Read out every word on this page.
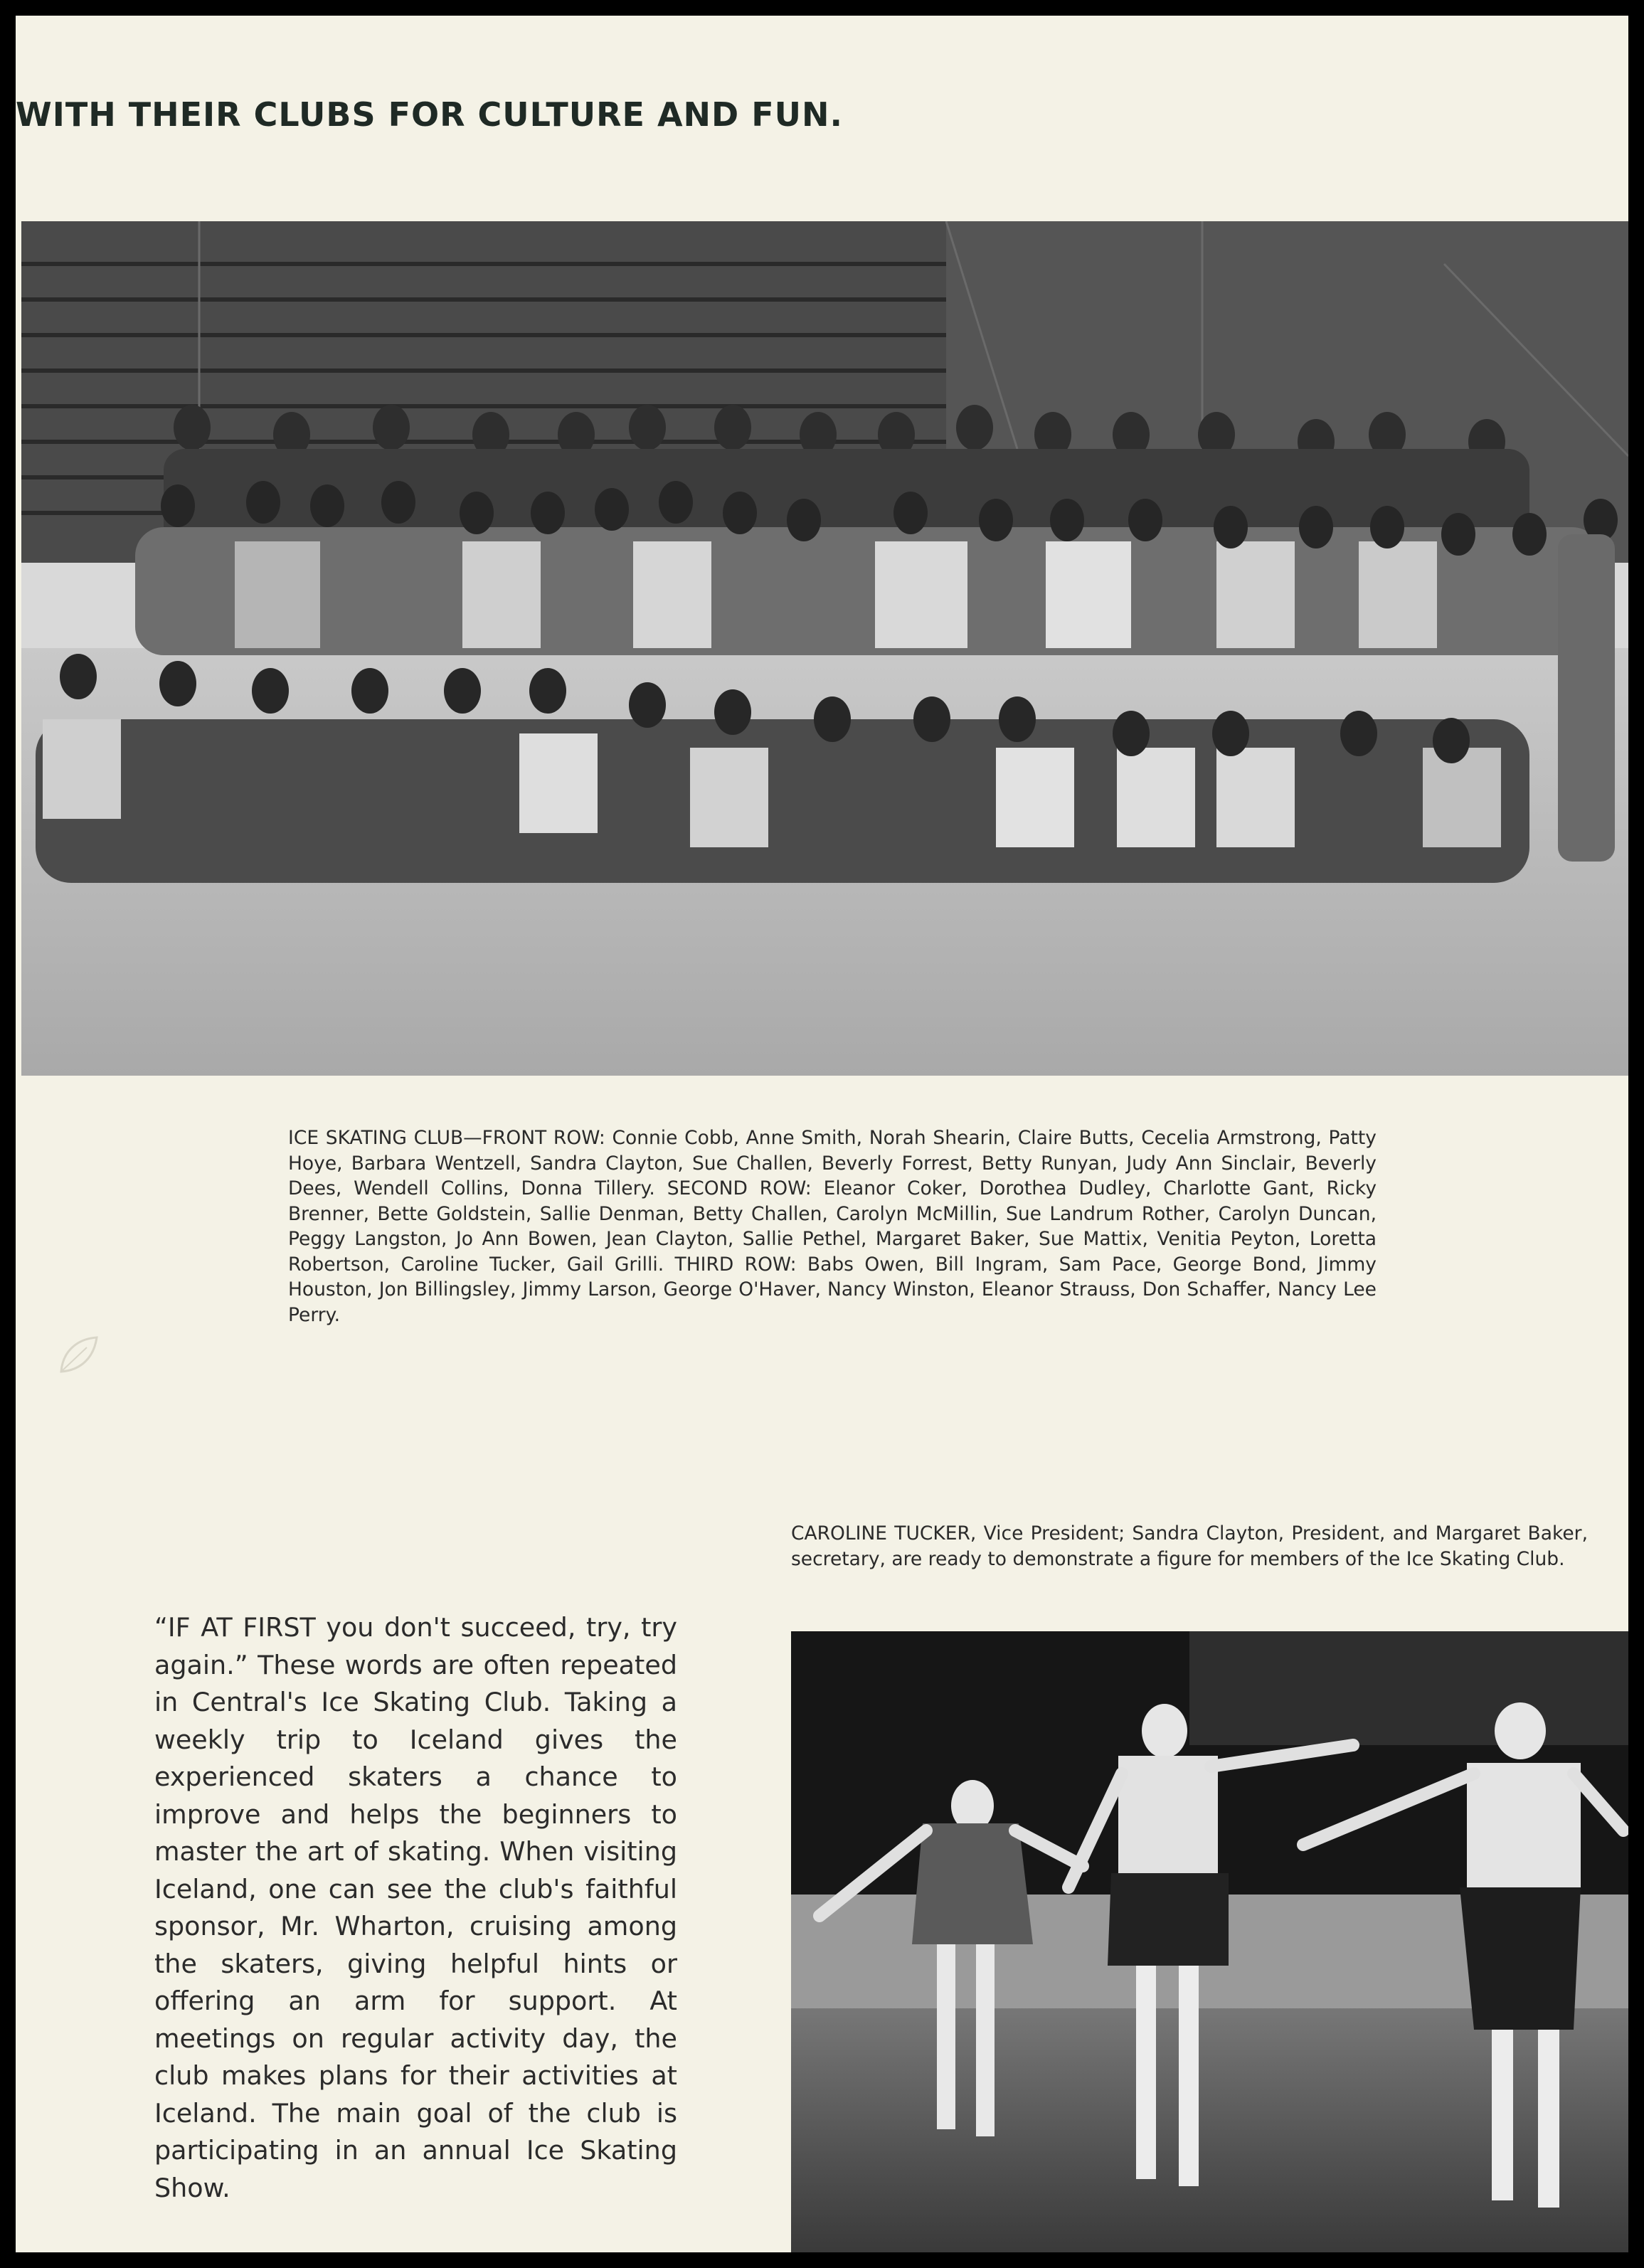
WITH THEIR CLUBS FOR CULTURE AND FUN.

ICE SKATING CLUB—FRONT ROW: Connie Cobb, Anne Smith, Norah Shearin, Claire Butts, Cecelia Armstrong, Patty Hoye, Barbara Wentzell, Sandra Clayton, Sue Challen, Beverly Forrest, Betty Runyan, Judy Ann Sinclair, Beverly Dees, Wendell Collins, Donna Tillery. SECOND ROW: Eleanor Coker, Dorothea Dudley, Charlotte Gant, Ricky Brenner, Bette Goldstein, Sallie Denman, Betty Challen, Carolyn McMillin, Sue Landrum Rother, Carolyn Duncan, Peggy Langston, Jo Ann Bowen, Jean Clayton, Sallie Pethel, Margaret Baker, Sue Mattix, Venitia Peyton, Loretta Robertson, Caroline Tucker, Gail Grilli. THIRD ROW: Babs Owen, Bill Ingram, Sam Pace, George Bond, Jimmy Houston, Jon Billingsley, Jimmy Larson, George O'Haver, Nancy Winston, Eleanor Strauss, Don Schaffer, Nancy Lee Perry.

CAROLINE TUCKER, Vice President; Sandra Clayton, President, and Margaret Baker, secretary, are ready to demonstrate a figure for members of the Ice Skating Club.

“IF AT FIRST you don't succeed, try, try again.” These words are often repeated in Central's Ice Skating Club. Taking a weekly trip to Iceland gives the experienced skaters a chance to improve and helps the beginners to master the art of skating. When visiting Iceland, one can see the club's faithful sponsor, Mr. Wharton, cruising among the skaters, giving helpful hints or offering an arm for support. At meetings on regular activity day, the club makes plans for their activities at Iceland. The main goal of the club is participating in an annual Ice Skating Show.
